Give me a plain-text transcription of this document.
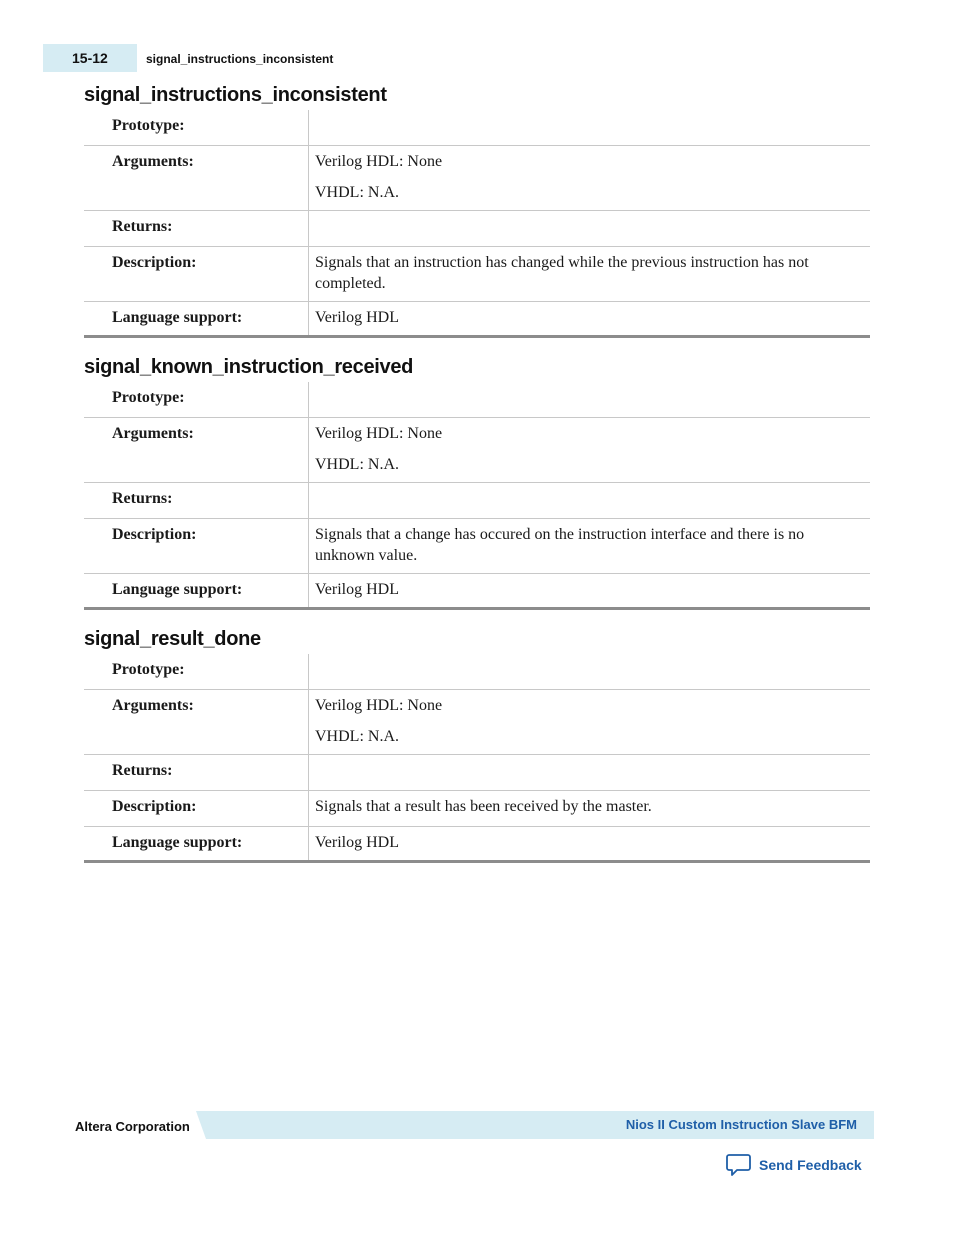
15-12	signal_instructions_inconsistent
signal_instructions_inconsistent
Prototype:	
Arguments:	Verilog HDL: None
VHDL: N.A.

Returns:	
Description:	Signals that an instruction has changed while the previous instruction has not completed.
Language support:	Verilog HDL
signal_known_instruction_received
Prototype:	
Arguments:	Verilog HDL: None
VHDL: N.A.

Returns:	
Description:	Signals that a change has occured on the instruction interface and there is no unknown value.
Language support:	Verilog HDL
signal_result_done
Prototype:	
Arguments:	Verilog HDL: None
VHDL: N.A.

Returns:	
Description:	Signals that a result has been received by the master.
Language support:	Verilog HDL
Altera Corporation	Nios II Custom Instruction Slave BFM
Send Feedback
